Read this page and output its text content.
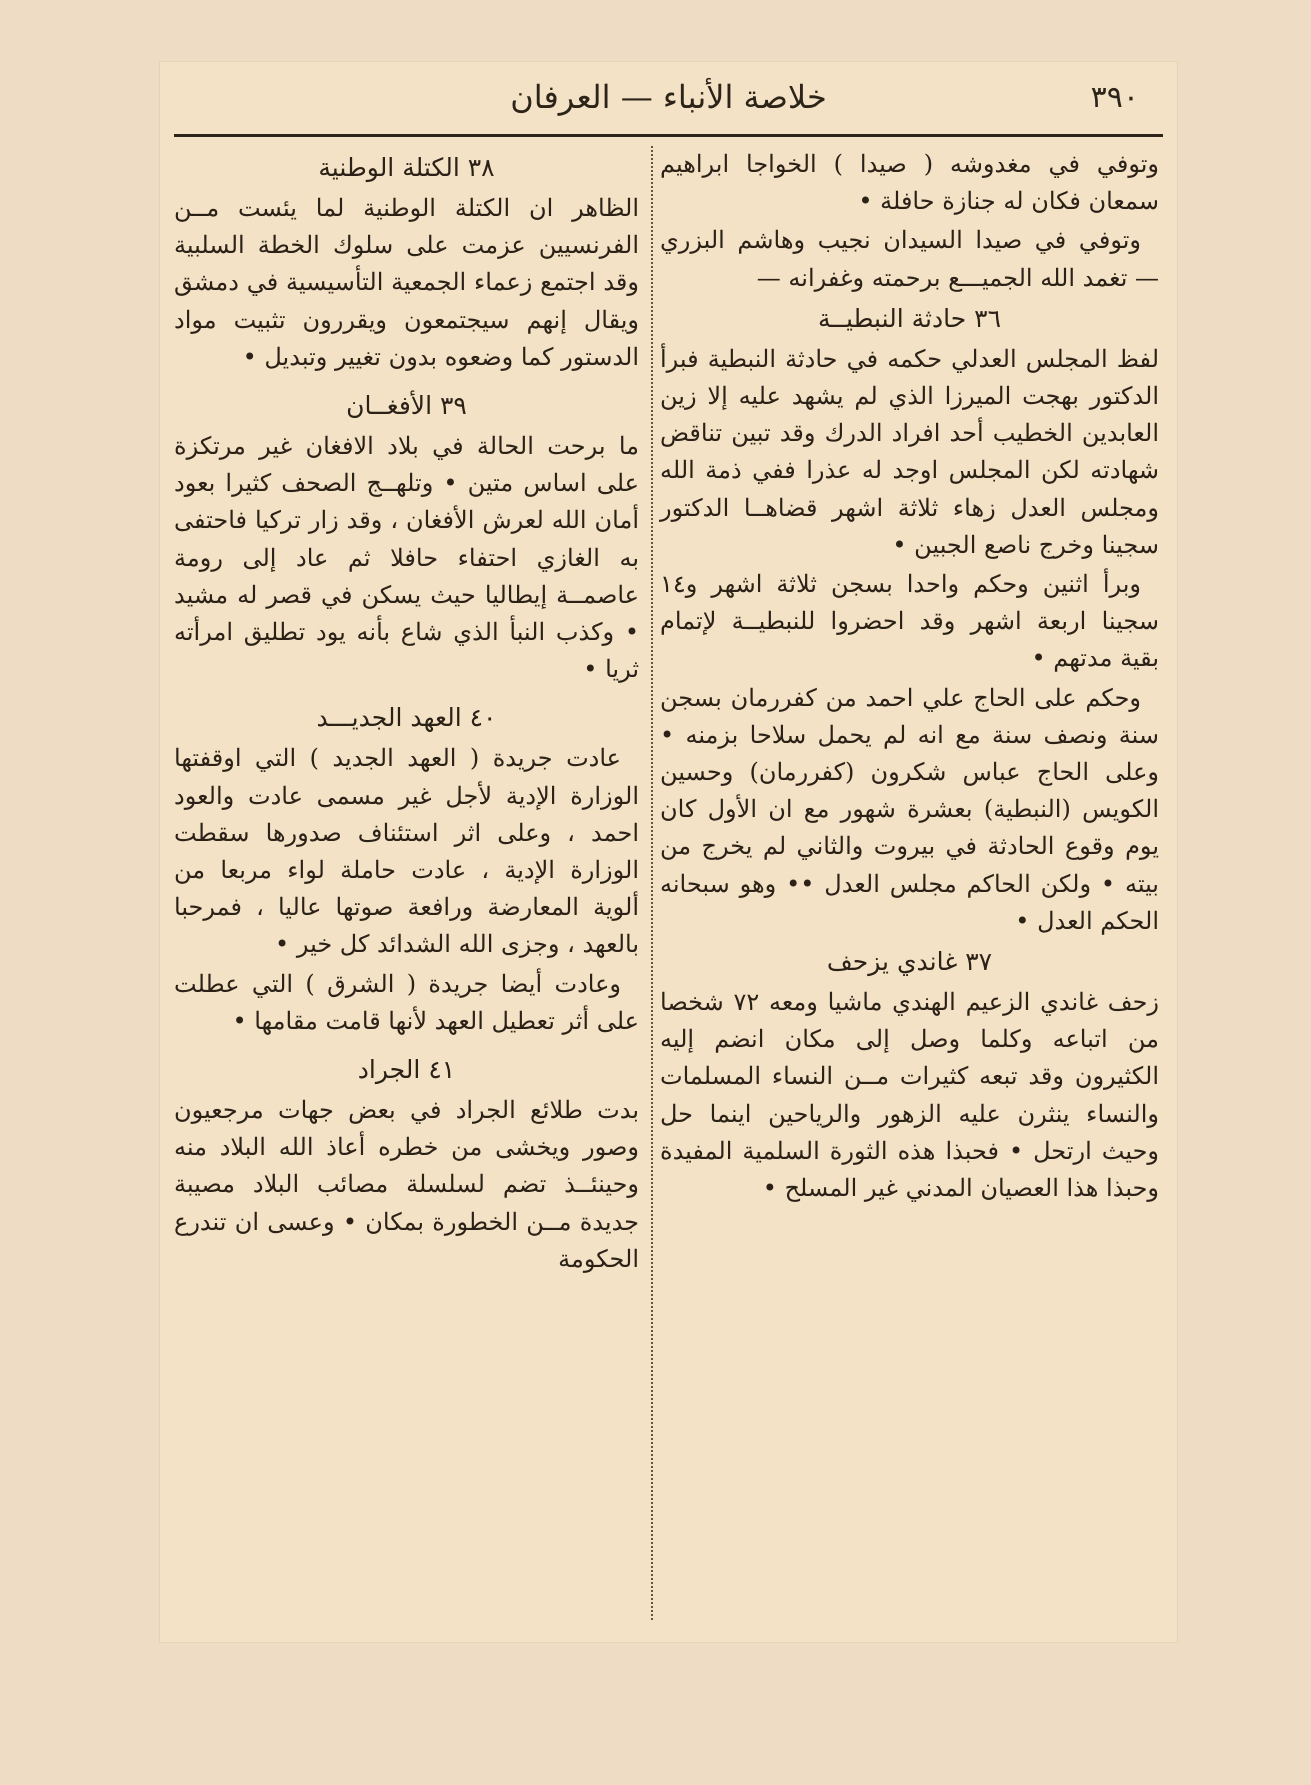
٣٩٠
خلاصة الأنباء — العرفان

وتوفي في مغدوشه ( صيدا ) الخواجا ابراهيم سمعان فكان له جنازة حافلة •

وتوفي في صيدا السيدان نجيب وهاشم البزري — تغمد الله الجميـــع برحمته وغفرانه —

٣٦ حادثة النبطيــة

لفظ المجلس العدلي حكمه في حادثة النبطية فبرأ الدكتور بهجت الميرزا الذي لم يشهد عليه إلا زين العابدين الخطيب أحد افراد الدرك وقد تبين تناقض شهادته لكن المجلس اوجد له عذرا ففي ذمة الله ومجلس العدل زهاء ثلاثة اشهر قضاهــا الدكتور سجينا وخرج ناصع الجبين •

وبرأ اثنين وحكم واحدا بسجن ثلاثة اشهر و١٤ سجينا اربعة اشهر وقد احضروا للنبطيــة لإتمام بقية مدتهم •

وحكم على الحاج علي احمد من كفررمان بسجن سنة ونصف سنة مع انه لم يحمل سلاحا بزمنه • وعلى الحاج عباس شكرون (كفررمان) وحسين الكويس (النبطية) بعشرة شهور مع ان الأول كان يوم وقوع الحادثة في بيروت والثاني لم يخرج من بيته • ولكن الحاكم مجلس العدل •• وهو سبحانه الحكم العدل •

٣٧ غاندي يزحف

زحف غاندي الزعيم الهندي ماشيا ومعه ٧٢ شخصا من اتباعه وكلما وصل إلى مكان انضم إليه الكثيرون وقد تبعه كثيرات مــن النساء المسلمات والنساء ينثرن عليه الزهور والرياحين اينما حل وحيث ارتحل • فحبذا هذه الثورة السلمية المفيدة وحبذا هذا العصيان المدني غير المسلح •

٣٨ الكتلة الوطنية

الظاهر ان الكتلة الوطنية لما يئست مــن الفرنسيين عزمت على سلوك الخطة السلبية وقد اجتمع زعماء الجمعية التأسيسية في دمشق ويقال إنهم سيجتمعون ويقررون تثبيت مواد الدستور كما وضعوه بدون تغيير وتبديل •

٣٩ الأفغــان

ما برحت الحالة في بلاد الافغان غير مرتكزة على اساس متين • وتلهــج الصحف كثيرا بعود أمان الله لعرش الأفغان ، وقد زار تركيا فاحتفى به الغازي احتفاء حافلا ثم عاد إلى رومة عاصمــة إيطاليا حيث يسكن في قصر له مشيد • وكذب النبأ الذي شاع بأنه يود تطليق امرأته ثريا •

٤٠ العهد الجديـــد

عادت جريدة ( العهد الجديد ) التي اوقفتها الوزارة الإدية لأجل غير مسمى عادت والعود احمد ، وعلى اثر استئناف صدورها سقطت الوزارة الإدية ، عادت حاملة لواء مربعا من ألوية المعارضة ورافعة صوتها عاليا ، فمرحبا بالعهد ، وجزى الله الشدائد كل خير •

وعادت أيضا جريدة ( الشرق ) التي عطلت على أثر تعطيل العهد لأنها قامت مقامها •

٤١ الجراد

بدت طلائع الجراد في بعض جهات مرجعيون وصور ويخشى من خطره أعاذ الله البلاد منه وحينئــذ تضم لسلسلة مصائب البلاد مصيبة جديدة مــن الخطورة بمكان • وعسى ان تندرع الحكومة
